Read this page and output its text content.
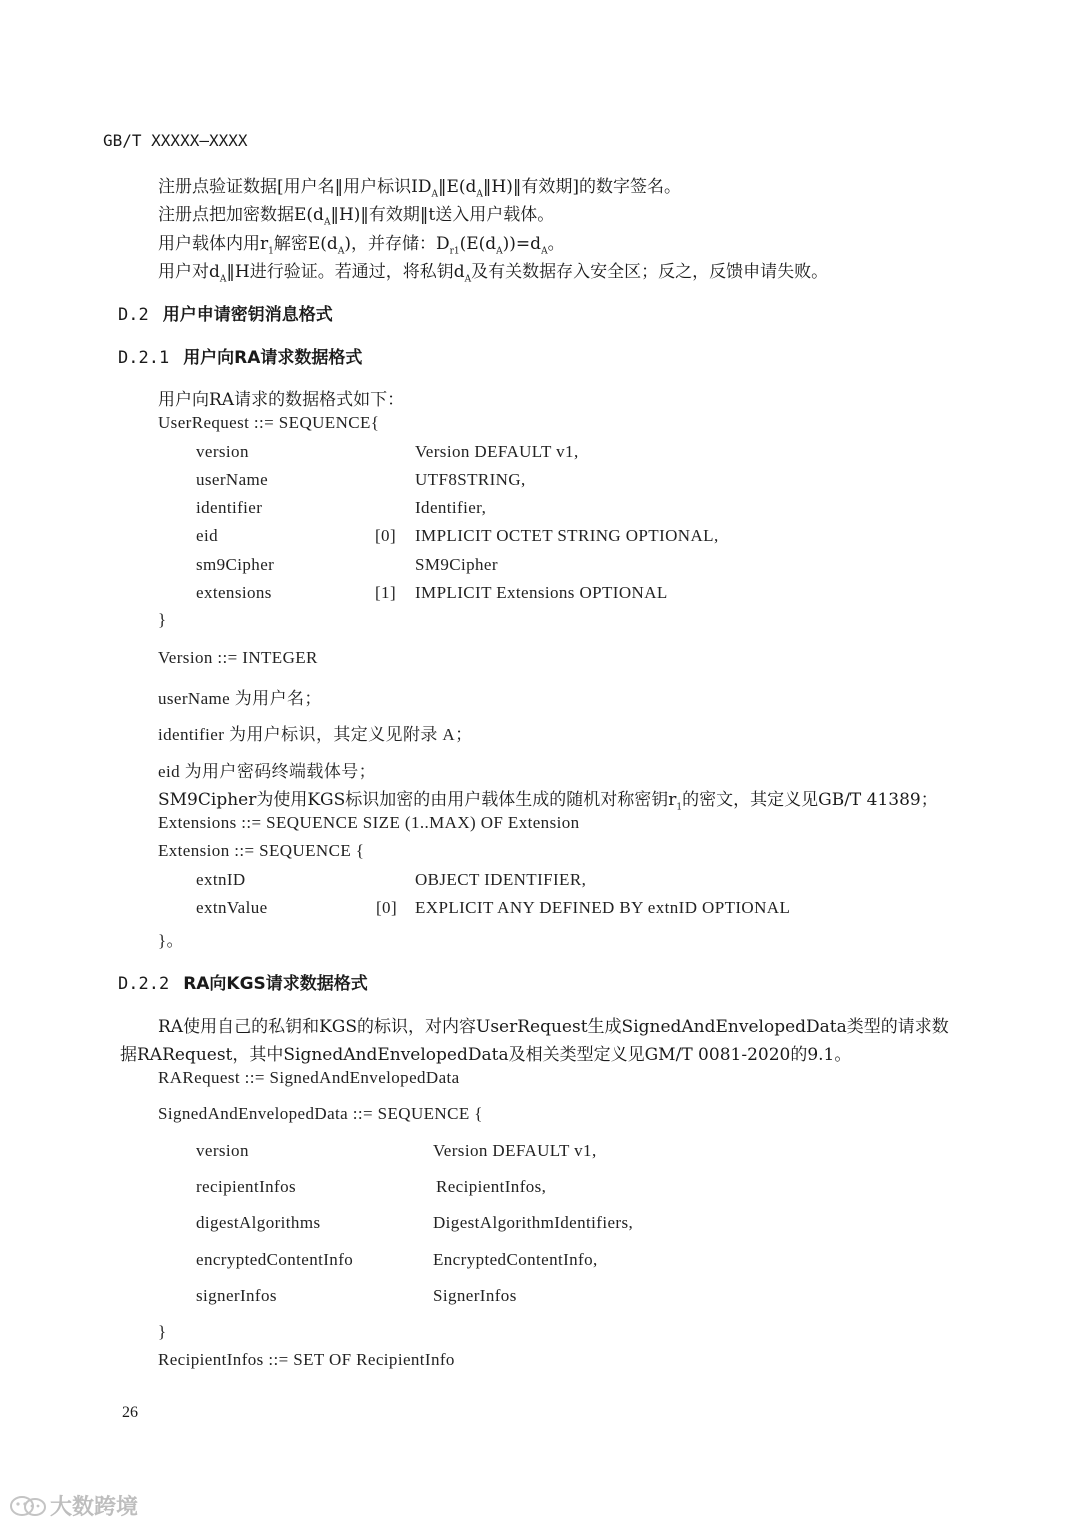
GB/T XXXXX—XXXX
注册点验证数据[用户名‖用户标识$ID_A‖E(d_A‖H)‖$有效期]的数字签名。
注册点把加密数据$E(d_A‖H)‖$有效期‖t送入用户载体。
用户载体内用$r_1$解密$E(d_A)$，并存储：$D_{r1}(E(d_A))=d_A$。
用户对$d_A‖H$进行验证。若通过，将私钥$d_A$及有关数据存入安全区；反之，反馈申请失败。
D.2 用户申请密钥消息格式
D.2.1 用户向RA请求数据格式
用户向RA请求的数据格式如下：
UserRequest ::= SEQUENCE{
version	Version DEFAULT v1,
userName	UTF8STRING,
identifier	Identifier,
eid	[0] IMPLICIT OCTET STRING OPTIONAL,
sm9Cipher	SM9Cipher
extensions	[1] IMPLICIT Extensions OPTIONAL
}
Version ::= INTEGER
userName 为用户名；
identifier 为用户标识，其定义见附录 A；
eid 为用户密码终端载体号；
SM9Cipher为使用KGS标识加密的由用户载体生成的随机对称密钥$r_1$的密文，其定义见GB/T 41389；
Extensions ::= SEQUENCE SIZE (1..MAX) OF Extension
Extension ::= SEQUENCE {
extnID	OBJECT IDENTIFIER,
extnValue	[0] EXPLICIT ANY DEFINED BY extnID OPTIONAL
}。
D.2.2 RA向KGS请求数据格式
RA使用自己的私钥和KGS的标识，对内容UserRequest生成SignedAndEnvelopedData类型的请求数
据RARequest，其中SignedAndEnvelopedData及相关类型定义见GM/T 0081-2020的9.1。
RARequest ::= SignedAndEnvelopedData
SignedAndEnvelopedData ::= SEQUENCE {
version	Version DEFAULT v1,
recipientInfos	RecipientInfos,
digestAlgorithms	DigestAlgorithmIdentifiers,
encryptedContentInfo	EncryptedContentInfo,
signerInfos	SignerInfos
}
RecipientInfos ::= SET OF RecipientInfo
26
大数跨境
